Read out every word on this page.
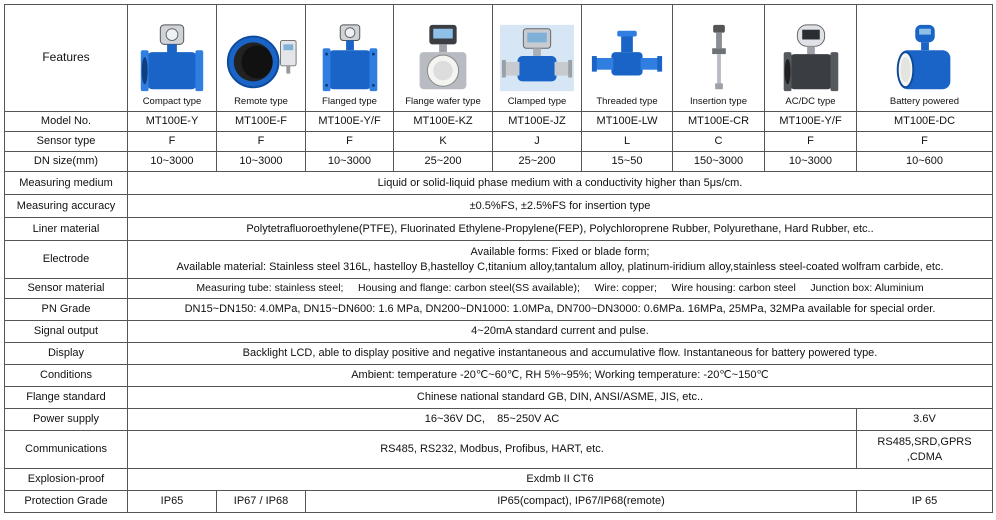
Features	Compact type	Remote type	Flanged type	Flange wafer type	Clamped type	Threaded type	Insertion type	AC/DC type	Battery powered

Model No.	MT100E-Y	MT100E-F	MT100E-Y/F	MT100E-KZ	MT100E-JZ	MT100E-LW	MT100E-CR	MT100E-Y/F	MT100E-DC
Sensor type	F	F	F	K	J	L	C	F	F
DN size(mm)	10~3000	10~3000	10~3000	25~200	25~200	15~50	150~3000	10~3000	10~600
Measuring medium	Liquid or solid-liquid phase medium with a conductivity higher than 5μs/cm.								
Measuring accuracy	±0.5%FS, ±2.5%FS for insertion type								
Liner material	Polytetrafluoroethylene(PTFE), Fluorinated Ethylene-Propylene(FEP), Polychloroprene Rubber, Polyurethane, Hard Rubber, etc..								
Electrode	Available forms: Fixed or blade form;
Available material: Stainless steel 316L, hastelloy B,hastelloy C,titanium alloy,tantalum alloy, platinum-iridium alloy,stainless steel-coated wolfram carbide, etc.								

Sensor material	Measuring tube: stainless steel;     Housing and flange: carbon steel(SS available);     Wire: copper;     Wire housing: carbon steel     Junction box: Aluminium								
PN Grade	DN15~DN150: 4.0MPa, DN15~DN600: 1.6 MPa, DN200~DN1000: 1.0MPa, DN700~DN3000: 0.6MPa. 16MPa, 25MPa, 32MPa available for special order.								
Signal output	4~20mA standard current and pulse.								
Display	Backlight LCD, able to display positive and negative instantaneous and accumulative flow. Instantaneous for battery powered type.								
Conditions	Ambient: temperature -20℃~60℃, RH 5%~95%; Working temperature: -20℃~150℃								
Flange standard	Chinese national standard GB, DIN, ANSI/ASME, JIS, etc..								
Power supply	16~36V DC,    85~250V AC								3.6V
Communications	RS485, RS232, Modbus, Profibus, HART, etc.								RS485,SRD,GPRS
,CDMA

Explosion-proof	Exdmb II CT6								
Protection Grade	IP65	IP67 / IP68	IP65(compact), IP67/IP68(remote)						IP 65
